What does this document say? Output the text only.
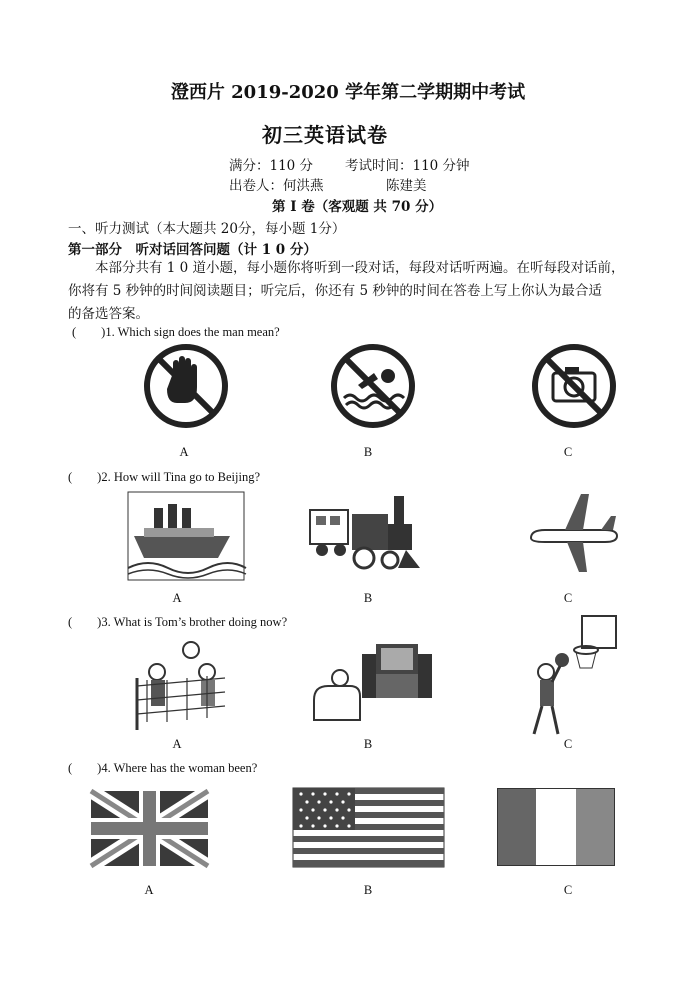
澄西片 2019-2020 学年第二学期期中考试
初三英语试卷
满分：110 分 考试时间：110 分钟
出卷人：何洪燕	陈建美
第 I 卷（客观题 共 70 分）
一、听力测试（本大题共 20分，每小题 1分）
第一部分　听对话回答问题（计 1 0 分）
本部分共有 1 0 道小题，每小题你将听到一段对话，每段对话听两遍。在听每段对话前，
你将有 5 秒钟的时间阅读题目；听完后，你还有 5 秒钟的时间在答卷上写上你认为最合适
的备选答案。
(　　)1. Which sign does the man mean?
A	B	C
(　　)2. How will Tina go to Beijing?
A	B	C
(　　)3. What is Tom’s brother doing now?
A	B	C
(　　)4. Where has the woman been?
A	B	C
